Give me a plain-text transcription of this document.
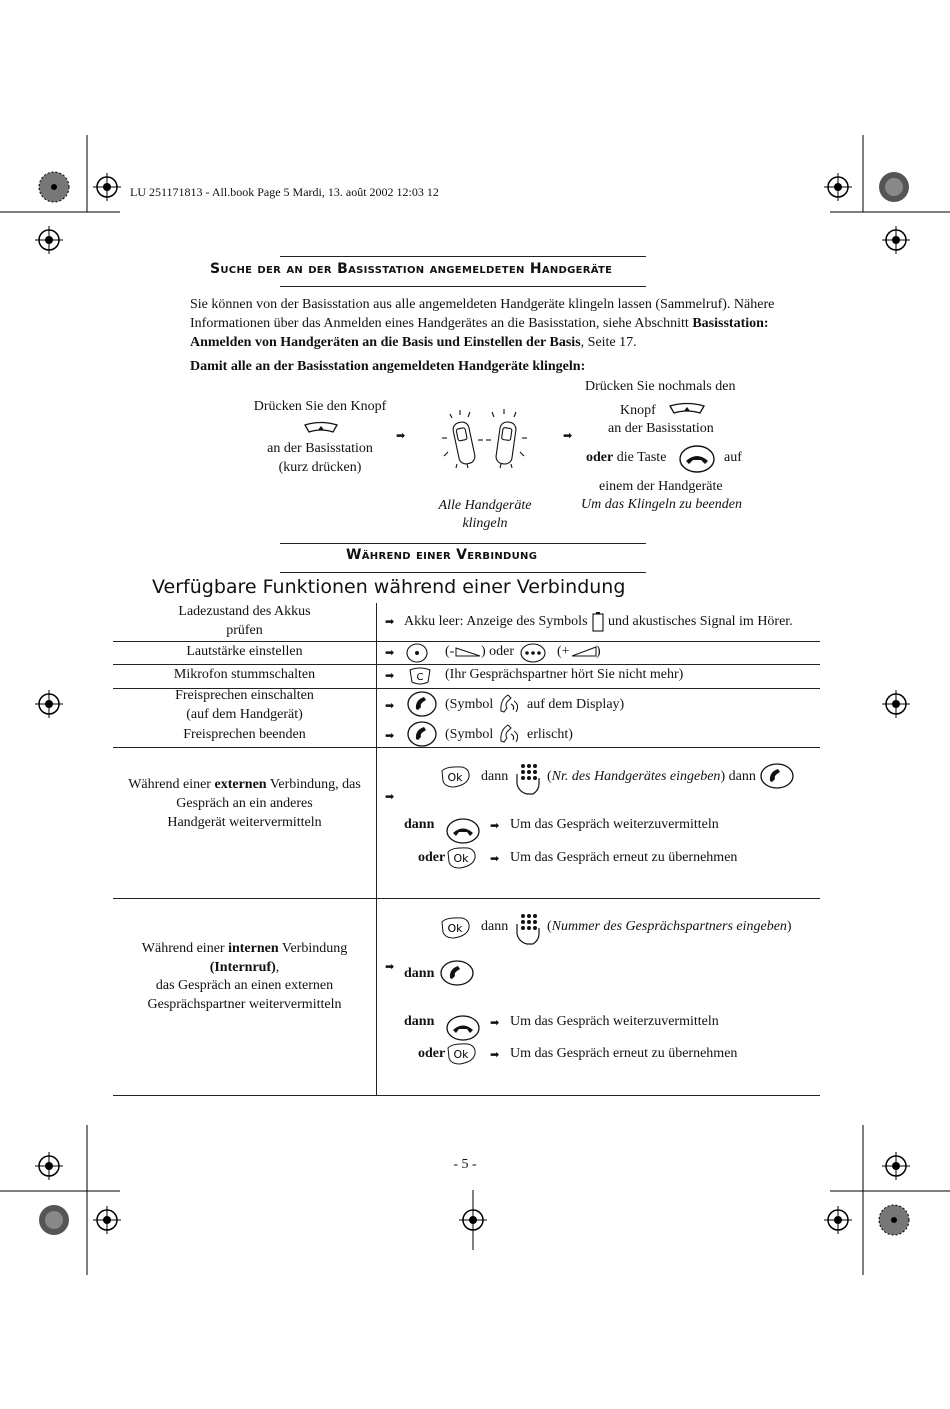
LU 251171813 - All.book Page 5 Mardi, 13. août 2002 12:03 12
Suche der an der Basisstation angemeldeten Handgeräte
Sie können von der Basisstation aus alle angemeldeten Handgeräte klingeln lassen (Sammelruf). Nähere
Informationen über das Anmelden eines Handgerätes an die Basisstation, siehe Abschnitt Basisstation:
Anmelden von Handgeräten an die Basis und Einstellen der Basis, Seite 17.
Damit alle an der Basisstation angemeldeten Handgeräte klingeln:
Drücken Sie den Knopf
an der Basisstation
(kurz drücken)
➡
Alle Handgeräte
klingeln
➡
Drücken Sie nochmals den
Knopf
an der Basisstation
oder die Taste	auf
einem der Handgeräte
Um das Klingeln zu beenden
Während einer Verbindung
Verfügbare Funktionen während einer Verbindung
Ladezustand des Akkus
prüfen
➡ Akku leer: Anzeige des Symbols und akustisches Signal im Hörer.
Lautstärke einstellen	➡	(- ) oder	(+ )
Mikrofon stummschalten	➡ C (Ihr Gesprächspartner hört Sie nicht mehr)
Freisprechen einschalten
(auf dem Handgerät)
Freisprechen beenden
➡	(Symbol auf dem Display)
➡	(Symbol erlischt)
Während einer externen Verbindung, das
Gespräch an ein anderes
Handgerät weitervermitteln
➡
Ok dann	(Nr. des Handgerätes eingeben) dann
dann	➡ Um das Gespräch weiterzuvermitteln
oder Ok ➡ Um das Gespräch erneut zu übernehmen
Während einer internen Verbindung
(Internruf),
das Gespräch an einen externen
Gesprächspartner weitervermitteln
➡
Ok dann	(Nummer des Gesprächspartners eingeben)
dann
dann	➡ Um das Gespräch weiterzuvermitteln
oder Ok ➡ Um das Gespräch erneut zu übernehmen
- 5 -
